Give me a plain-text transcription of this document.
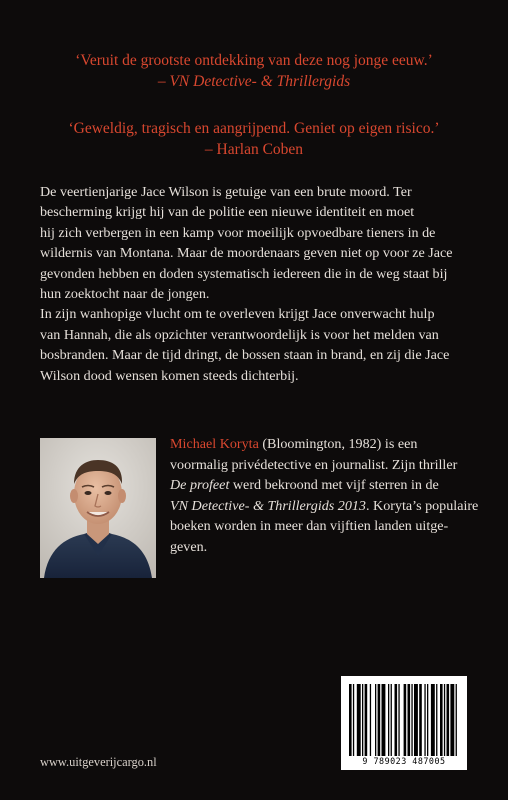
‘Veruit de grootste ontdekking van deze nog jonge eeuw.’
– VN Detective- & Thrillergids
‘Geweldig, tragisch en aangrijpend. Geniet op eigen risico.’
– Harlan Coben

De veertienjarige Jace Wilson is getuige van een brute moord. Ter

bescherming krijgt hij van de politie een nieuwe identiteit en moet

hij zich verbergen in een kamp voor moeilijk opvoedbare tieners in de

wildernis van Montana. Maar de moordenaars geven niet op voor ze Jace

gevonden hebben en doden systematisch iedereen die in de weg staat bij

hun zoektocht naar de jongen.

In zijn wanhopige vlucht om te overleven krijgt Jace onverwacht hulp

van Hannah, die als opzichter verantwoordelijk is voor het melden van

bosbranden. Maar de tijd dringt, de bossen staan in brand, en zij die Jace

Wilson dood wensen komen steeds dichterbij.

Michael Koryta (Bloomington, 1982) is een
voormalig privédetective en journalist. Zijn thriller
De profeet werd bekroond met vijf sterren in de
VN Detective- & Thrillergids 2013. Koryta’s populaire
boeken worden in meer dan vijftien landen uitge-
geven.
9 789023 487005
www.uitgeverijcargo.nl
